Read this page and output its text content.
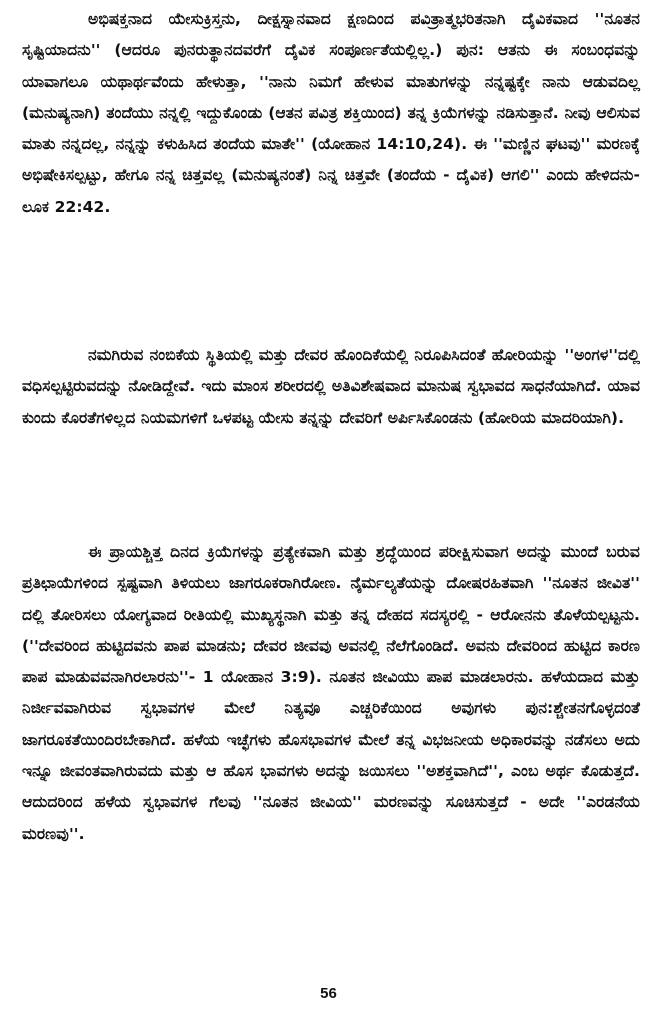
ಅಭಿಷಕ್ತನಾದ ಯೇಸುಕ್ರಿಸ್ತನು, ದೀಕ್ಷಸ್ನಾನವಾದ ಕ್ಷಣದಿಂದ ಪವಿತ್ರಾತ್ಮಭರಿತನಾಗಿ ದೈವಿಕವಾದ ''ನೂತನ ಸೃಷ್ಟಿಯಾದನು'' (ಆದರೂ ಪುನರುತ್ಥಾನದವರೆಗೆ ದೈವಿಕ ಸಂಪೂರ್ಣತೆಯಲ್ಲಿಲ್ಲ.) ಪುನ: ಆತನು ಈ ಸಂಬಂಧವನ್ನು ಯಾವಾಗಲೂ ಯಥಾರ್ಥವೆಂದು ಹೇಳುತ್ತಾ, ''ನಾನು ನಿಮಗೆ ಹೇಳುವ ಮಾತುಗಳನ್ನು ನನ್ನಷ್ಟಕ್ಕೇ ನಾನು ಆಡುವದಿಲ್ಲ (ಮನುಷ್ಯನಾಗಿ) ತಂದೆಯು ನನ್ನಲ್ಲಿ ಇದ್ದುಕೊಂಡು (ಆತನ ಪವಿತ್ರ ಶಕ್ತಿಯಿಂದ) ತನ್ನ ಕ್ರಿಯೆಗಳನ್ನು ನಡಿಸುತ್ತಾನೆ. ನೀವು ಆಲಿಸುವ ಮಾತು ನನ್ನದಲ್ಲ, ನನ್ನನ್ನು ಕಳುಹಿಸಿದ ತಂದೆಯ ಮಾತೇ'' (ಯೋಹಾನ 14:10,24). ಈ ''ಮಣ್ಣಿನ ಘಟವು'' ಮರಣಕ್ಕೆ ಅಭಿಷೇಕಿಸಲ್ಪಟ್ಟು, ಹೇಗೂ ನನ್ನ ಚಿತ್ತವಲ್ಲ (ಮನುಷ್ಯನಂತೆ) ನಿನ್ನ ಚಿತ್ತವೇ (ತಂದೆಯ - ದೈವಿಕ) ಆಗಲಿ'' ಎಂದು ಹೇಳಿದನು- ಲೂಕ 22:42.

ನಮಗಿರುವ ನಂಬಿಕೆಯ ಸ್ಥಿತಿಯಲ್ಲಿ ಮತ್ತು ದೇವರ ಹೊಂದಿಕೆಯಲ್ಲಿ ನಿರೂಪಿಸಿದಂತೆ ಹೋರಿಯನ್ನು ''ಅಂಗಳ''ದಲ್ಲಿ ವಧಿಸಲ್ಪಟ್ಟಿರುವದನ್ನು ನೋಡಿದ್ದೇವೆ. ಇದು ಮಾಂಸ ಶರೀರದಲ್ಲಿ ಅತಿವಿಶೇಷವಾದ ಮಾನುಷ ಸ್ವಭಾವದ ಸಾಧನೆಯಾಗಿದೆ. ಯಾವ ಕುಂದು ಕೊರತೆಗಳಿಲ್ಲದ ನಿಯಮಗಳಿಗೆ ಒಳಪಟ್ಟ ಯೇಸು ತನ್ನನ್ನು ದೇವರಿಗೆ ಅರ್ಪಿಸಿಕೊಂಡನು (ಹೋರಿಯ ಮಾದರಿಯಾಗಿ).

ಈ ಪ್ರಾಯಶ್ಚಿತ್ತ ದಿನದ ಕ್ರಿಯೆಗಳನ್ನು ಪ್ರತ್ಯೇಕವಾಗಿ ಮತ್ತು ಶ್ರದ್ಧೆಯಿಂದ ಪರೀಕ್ಷಿಸುವಾಗ ಅದನ್ನು ಮುಂದೆ ಬರುವ ಪ್ರತಿಛಾಯೆಗಳಿಂದ ಸ್ಪಷ್ಟವಾಗಿ ತಿಳಿಯಲು ಜಾಗರೂಕರಾಗಿರೋಣ. ನೈರ್ಮಲ್ಯತೆಯನ್ನು ದೋಷರಹಿತವಾಗಿ ''ನೂತನ ಜೀವಿತ'' ದಲ್ಲಿ ತೋರಿಸಲು ಯೋಗ್ಯವಾದ ರೀತಿಯಲ್ಲಿ ಮುಖ್ಯಸ್ಥನಾಗಿ ಮತ್ತು ತನ್ನ ದೇಹದ ಸದಸ್ಯರಲ್ಲಿ - ಆರೋನನು ತೊಳೆಯಲ್ಪಟ್ಟನು. (''ದೇವರಿಂದ ಹುಟ್ಟಿದವನು ಪಾಪ ಮಾಡನು; ದೇವರ ಜೀವವು ಅವನಲ್ಲಿ ನೆಲೆಗೊಂಡಿದೆ. ಅವನು ದೇವರಿಂದ ಹುಟ್ಟಿದ ಕಾರಣ ಪಾಪ ಮಾಡುವವನಾಗಿರಲಾರನು''- 1 ಯೋಹಾನ 3:9). ನೂತನ ಜೀವಿಯು ಪಾಪ ಮಾಡಲಾರನು. ಹಳೆಯದಾದ ಮತ್ತು ನಿರ್ಜೀವವಾಗಿರುವ ಸ್ವಭಾವಗಳ ಮೇಲೆ ನಿತ್ಯವೂ ಎಚ್ಚರಿಕೆಯಿಂದ ಅವುಗಳು ಪುನ:ಶ್ಚೇತನಗೊಳ್ಳದಂತೆ ಜಾಗರೂಕತೆಯಿಂದಿರಬೇಕಾಗಿದೆ. ಹಳೆಯ ಇಚ್ಛೆಗಳು ಹೊಸಭಾವಗಳ ಮೇಲೆ ತನ್ನ ವಿಭಜನೀಯ ಅಧಿಕಾರವನ್ನು ನಡೆಸಲು ಅದು ಇನ್ನೂ ಜೀವಂತವಾಗಿರುವದು ಮತ್ತು ಆ ಹೊಸ ಭಾವಗಳು ಅದನ್ನು ಜಯಿಸಲು ''ಅಶಕ್ತವಾಗಿದೆ'', ಎಂಬ ಅರ್ಥ ಕೊಡುತ್ತದೆ. ಆದುದರಿಂದ ಹಳೆಯ ಸ್ವಭಾವಗಳ ಗೆಲವು ''ನೂತನ ಜೀವಿಯ'' ಮರಣವನ್ನು ಸೂಚಿಸುತ್ತದೆ - ಅದೇ ''ಎರಡನೆಯ ಮರಣವು''.

56
